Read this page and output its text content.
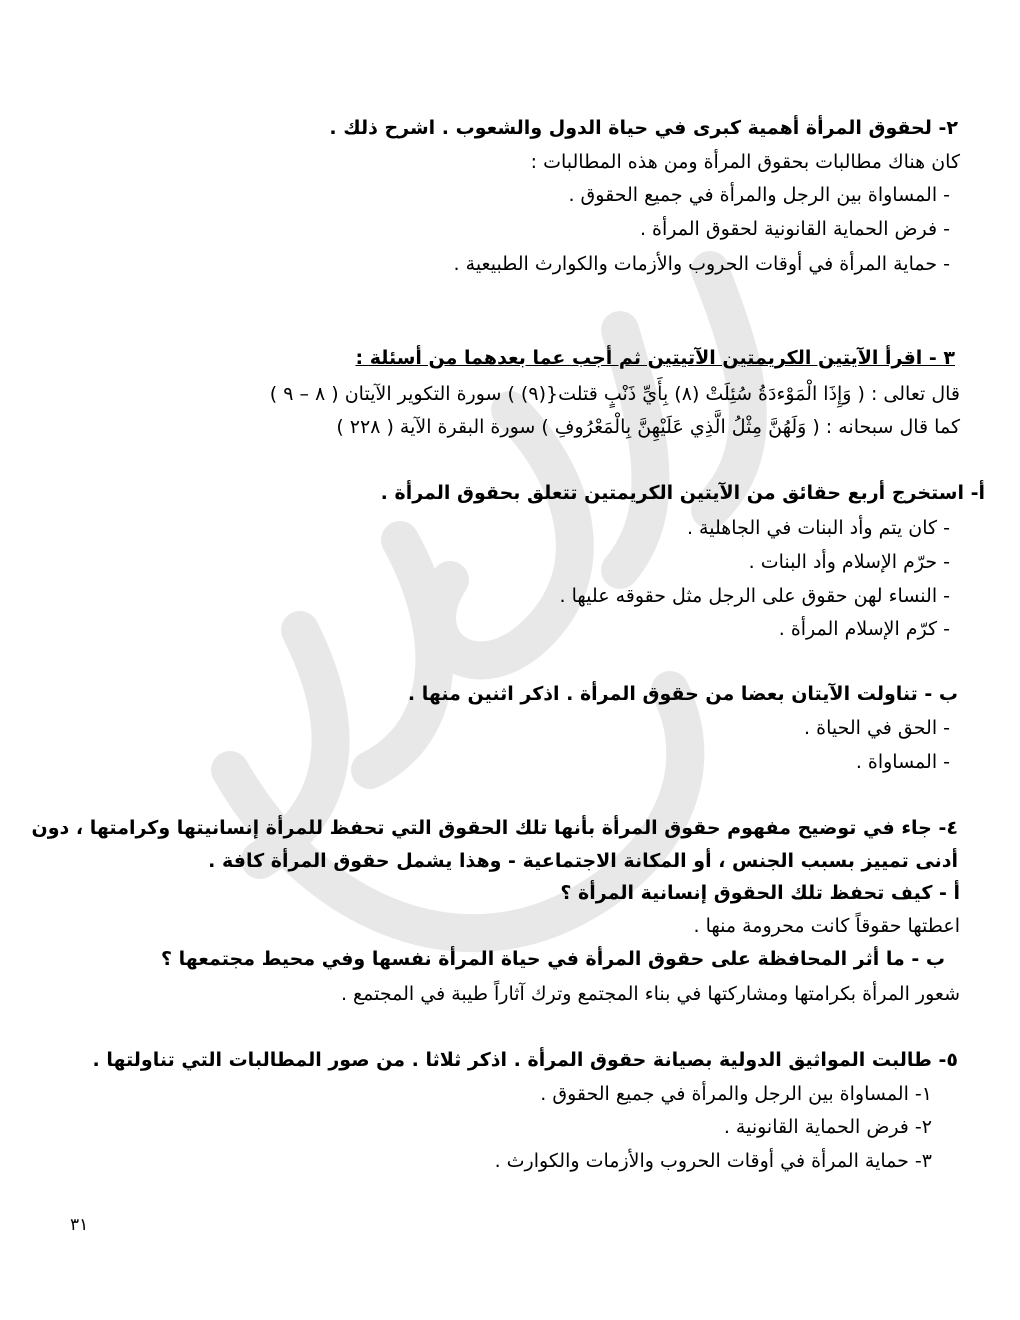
٢- لحقوق المرأة أهمية كبرى في حياة الدول والشعوب . اشرح ذلك .
كان هناك مطالبات بحقوق المرأة ومن هذه المطالبات :
- المساواة بين الرجل والمرأة في جميع الحقوق .
- فرض الحماية القانونية لحقوق المرأة .
- حماية المرأة في أوقات الحروب والأزمات والكوارث الطبيعية .
٣ - اقرأ الآيتين الكريمتين الآتيتين ثم أجب عما بعدهما من أسئلة :
قال تعالى : ( وَإِذَا الْمَوْءدَةُ سُئِلَتْ (٨) بِأَيِّ ذَنْبٍ قتلت{(٩) ) سورة التكوير الآيتان ( ٨ – ٩ )
كما قال سبحانه : ( وَلَهُنَّ مِثْلُ الَّذِي عَلَيْهِنَّ بِالْمَعْرُوفِ ) سورة البقرة الآية ( ٢٢٨ )
أ- استخرج أربع حقائق من الآيتين الكريمتين تتعلق بحقوق المرأة .
- كان يتم وأد البنات في الجاهلية .
- حرّم الإسلام وأد البنات .
- النساء لهن حقوق على الرجل مثل حقوقه عليها .
- كرّم الإسلام المرأة .
ب - تناولت الآيتان بعضا من حقوق المرأة . اذكر اثنين منها .
- الحق في الحياة .
- المساواة .
٤- جاء في توضيح مفهوم حقوق المرأة بأنها تلك الحقوق التي تحفظ للمرأة إنسانيتها وكرامتها ، دون
أدنى تمييز بسبب الجنس ، أو المكانة الاجتماعية - وهذا يشمل حقوق المرأة كافة .
أ - كيف تحفظ تلك الحقوق إنسانية المرأة ؟
اعطتها حقوقاً كانت محرومة منها .
ب - ما أثر المحافظة على حقوق المرأة في حياة المرأة نفسها وفي محيط مجتمعها ؟
شعور المرأة بكرامتها ومشاركتها في بناء المجتمع وترك آثاراً طيبة في المجتمع .
٥- طالبت المواثيق الدولية بصيانة حقوق المرأة . اذكر ثلاثا . من صور المطالبات التي تناولتها .
١- المساواة بين الرجل والمرأة في جميع الحقوق .
٢- فرض الحماية القانونية .
٣- حماية المرأة في أوقات الحروب والأزمات والكوارث .
٣١
